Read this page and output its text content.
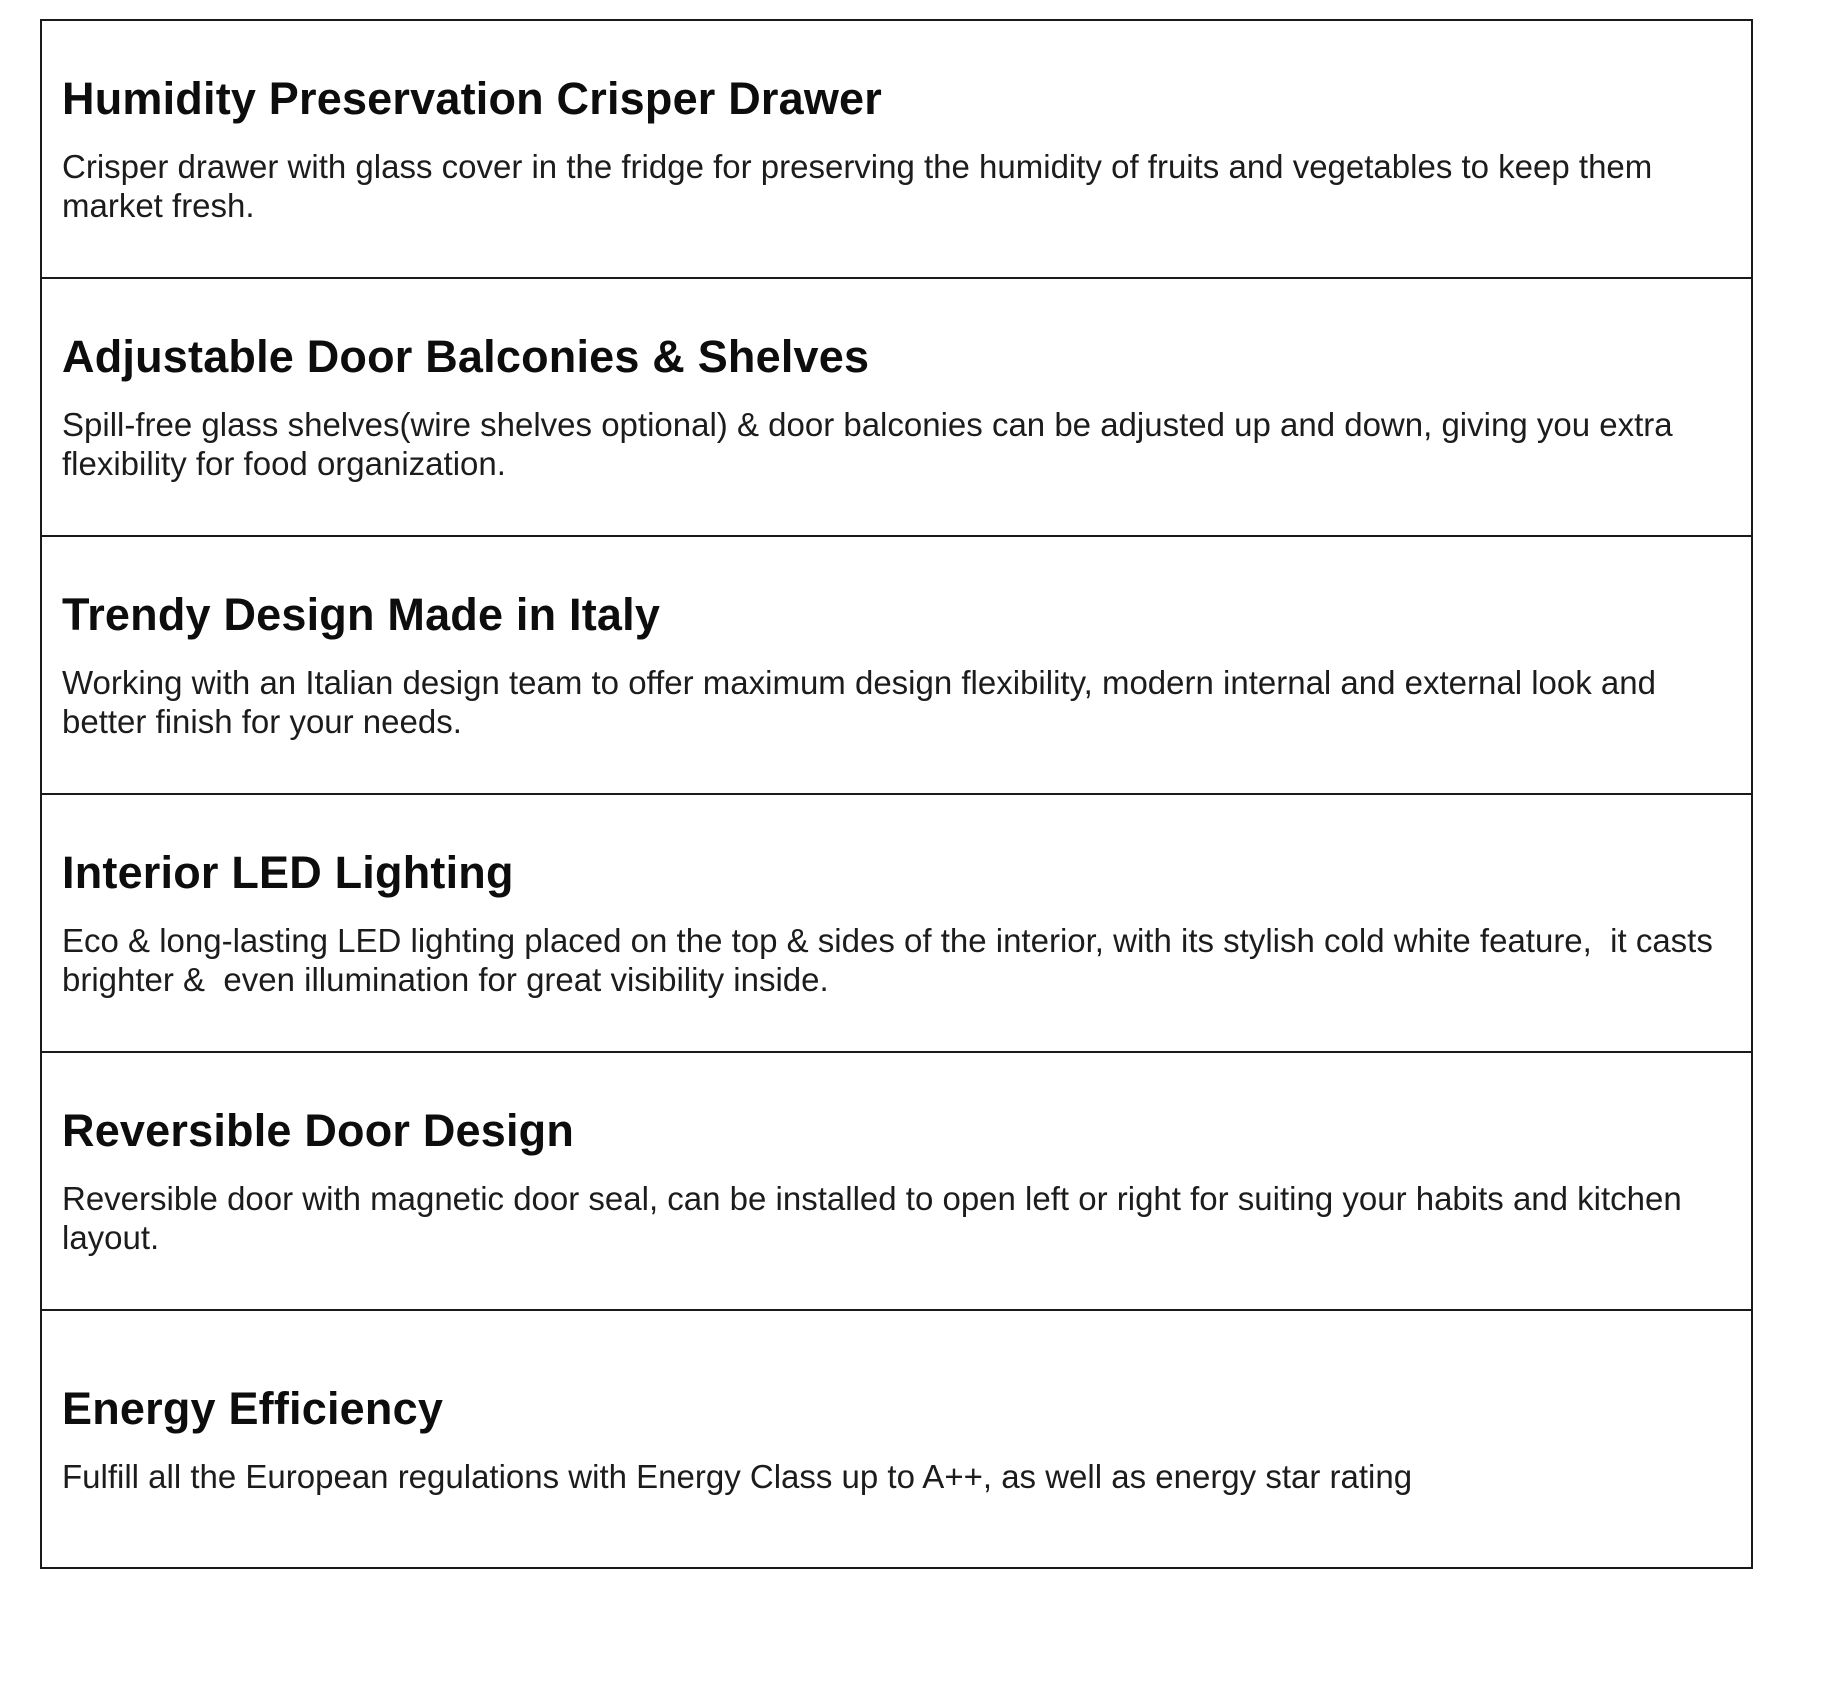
Humidity Preservation Crisper Drawer

Crisper drawer with glass cover in the fridge for preserving the humidity of fruits and vegetables to keep them market fresh.

Adjustable Door Balconies & Shelves

Spill-free glass shelves(wire shelves optional) & door balconies can be adjusted up and down, giving you extra flexibility for food organization.

Trendy Design Made in Italy

Working with an Italian design team to offer maximum design flexibility, modern internal and external look and better finish for your needs.

Interior LED Lighting

Eco & long-lasting LED lighting placed on the top & sides of the interior, with its stylish cold white feature,  it casts brighter &  even illumination for great visibility inside.

Reversible Door Design

Reversible door with magnetic door seal, can be installed to open left or right for suiting your habits and kitchen layout.

Energy Efficiency

Fulfill all the European regulations with Energy Class up to A++, as well as energy star rating
